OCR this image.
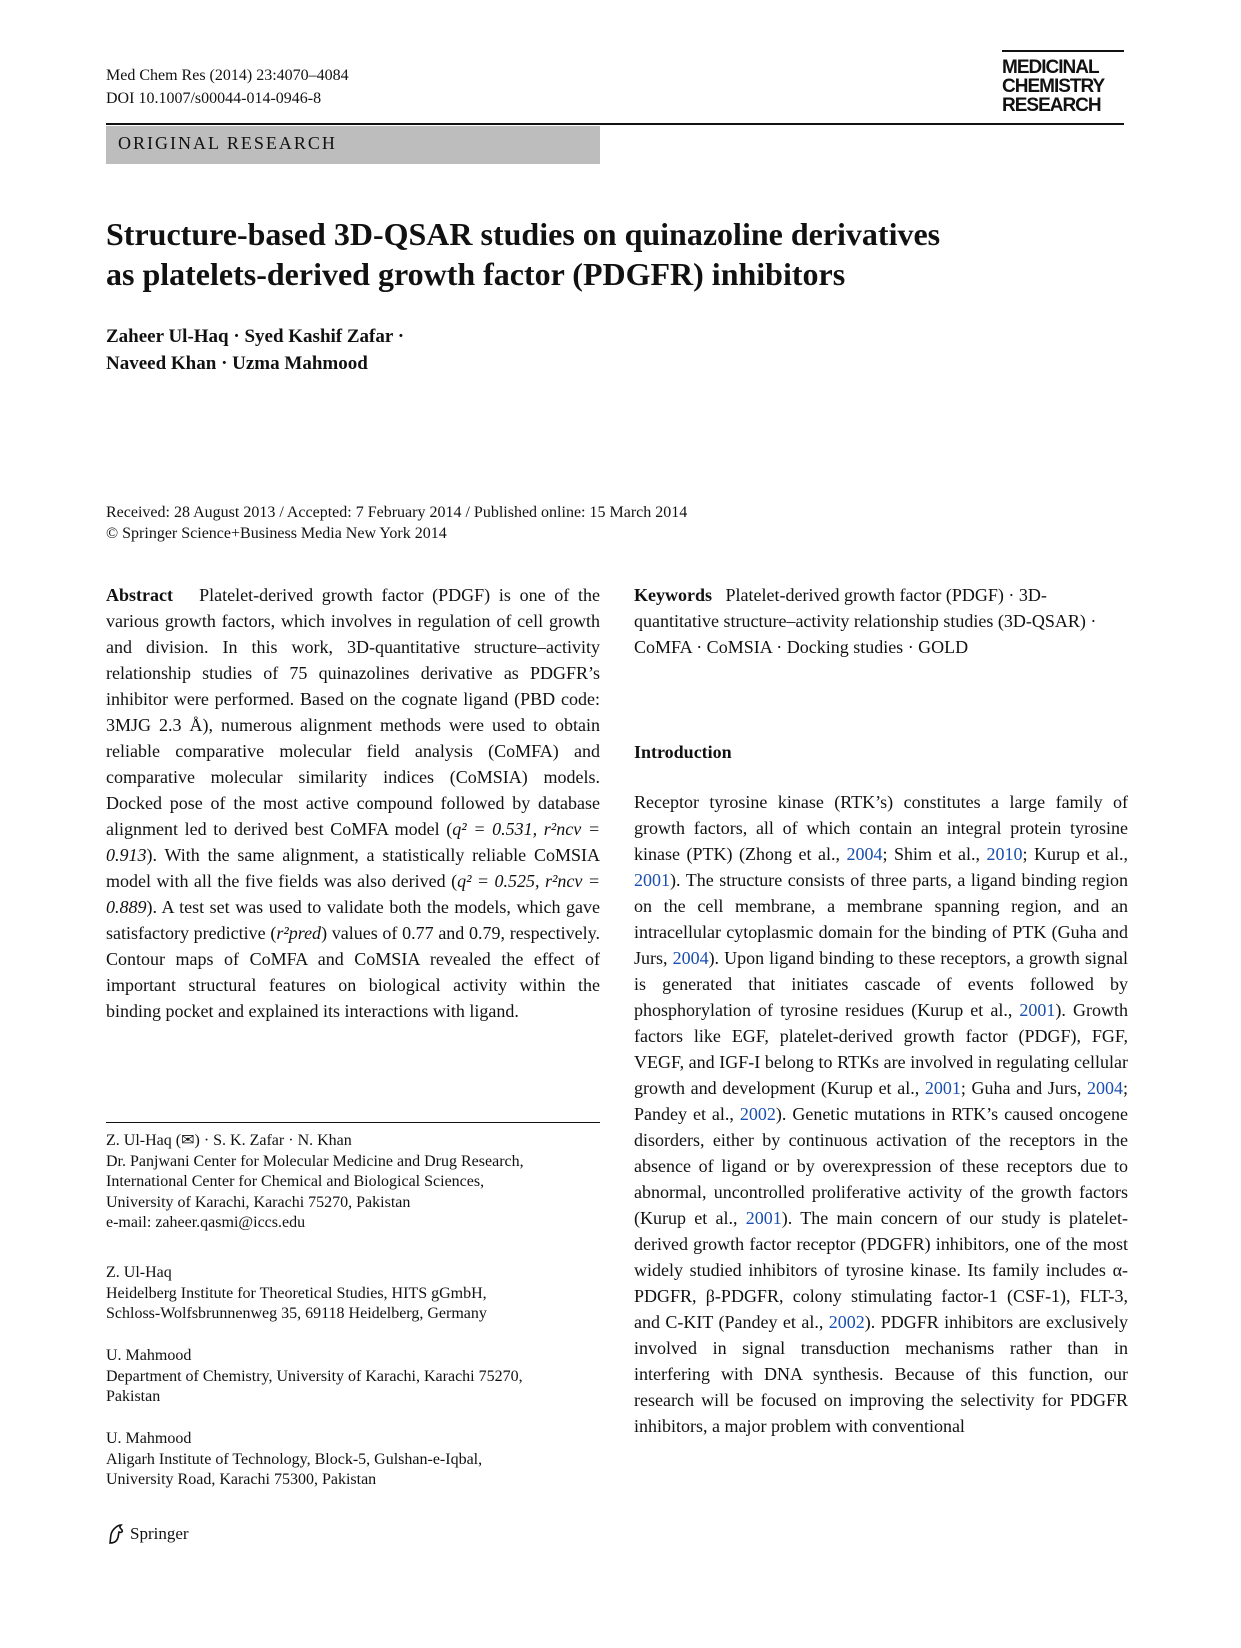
Med Chem Res (2014) 23:4070–4084
DOI 10.1007/s00044-014-0946-8
MEDICINAL
CHEMISTRY
RESEARCH
ORIGINAL RESEARCH
Structure-based 3D-QSAR studies on quinazoline derivatives
as platelets-derived growth factor (PDGFR) inhibitors
Zaheer Ul-Haq · Syed Kashif Zafar ·
Naveed Khan · Uzma Mahmood
Received: 28 August 2013 / Accepted: 7 February 2014 / Published online: 15 March 2014
© Springer Science+Business Media New York 2014
Abstract Platelet-derived growth factor (PDGF) is one of the various growth factors, which involves in regulation of cell growth and division. In this work, 3D-quantitative structure–activity relationship studies of 75 quinazolines derivative as PDGFR’s inhibitor were performed. Based on the cognate ligand (PBD code: 3MJG 2.3 Å), numerous alignment methods were used to obtain reliable comparative molecular field analysis (CoMFA) and comparative molecular similarity indices (CoMSIA) models. Docked pose of the most active compound followed by database alignment led to derived best CoMFA model (q² = 0.531, r²ncv = 0.913). With the same alignment, a statistically reliable CoMSIA model with all the five fields was also derived (q² = 0.525, r²ncv = 0.889). A test set was used to validate both the models, which gave satisfactory predictive (r²pred) values of 0.77 and 0.79, respectively. Contour maps of CoMFA and CoMSIA revealed the effect of important structural features on biological activity within the binding pocket and explained its interactions with ligand.
Keywords Platelet-derived growth factor (PDGF) · 3D-quantitative structure–activity relationship studies (3D-QSAR) · CoMFA · CoMSIA · Docking studies · GOLD
Introduction
Receptor tyrosine kinase (RTK’s) constitutes a large family of growth factors, all of which contain an integral protein tyrosine kinase (PTK) (Zhong et al., 2004; Shim et al., 2010; Kurup et al., 2001). The structure consists of three parts, a ligand binding region on the cell membrane, a membrane spanning region, and an intracellular cytoplasmic domain for the binding of PTK (Guha and Jurs, 2004). Upon ligand binding to these receptors, a growth signal is generated that initiates cascade of events followed by phosphorylation of tyrosine residues (Kurup et al., 2001). Growth factors like EGF, platelet-derived growth factor (PDGF), FGF, VEGF, and IGF-I belong to RTKs are involved in regulating cellular growth and development (Kurup et al., 2001; Guha and Jurs, 2004; Pandey et al., 2002). Genetic mutations in RTK’s caused oncogene disorders, either by continuous activation of the receptors in the absence of ligand or by overexpression of these receptors due to abnormal, uncontrolled proliferative activity of the growth factors (Kurup et al., 2001). The main concern of our study is platelet-derived growth factor receptor (PDGFR) inhibitors, one of the most widely studied inhibitors of tyrosine kinase. Its family includes α-PDGFR, β-PDGFR, colony stimulating factor-1 (CSF-1), FLT-3, and C-KIT (Pandey et al., 2002). PDGFR inhibitors are exclusively involved in signal transduction mechanisms rather than in interfering with DNA synthesis. Because of this function, our research will be focused on improving the selectivity for PDGFR inhibitors, a major problem with conventional

Z. Ul-Haq (✉) · S. K. Zafar · N. Khan

Dr. Panjwani Center for Molecular Medicine and Drug Research,

International Center for Chemical and Biological Sciences,

University of Karachi, Karachi 75270, Pakistan

e-mail: zaheer.qasmi@iccs.edu

Z. Ul-Haq

Heidelberg Institute for Theoretical Studies, HITS gGmbH,

Schloss-Wolfsbrunnenweg 35, 69118 Heidelberg, Germany

U. Mahmood

Department of Chemistry, University of Karachi, Karachi 75270,

Pakistan

U. Mahmood

Aligarh Institute of Technology, Block-5, Gulshan-e-Iqbal,

University Road, Karachi 75300, Pakistan

Springer
